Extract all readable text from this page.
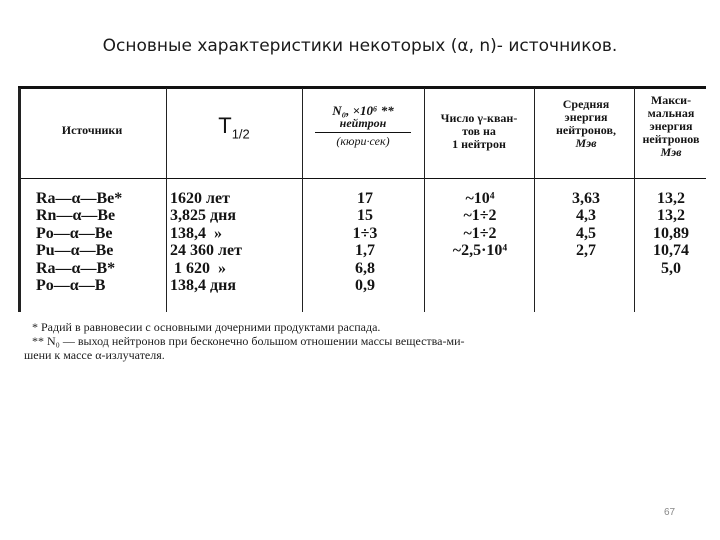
Основные характеристики некоторых (α, n)- источников.
Источники	$T_{1/2}$
N₀, ×10⁶ **
нейтрон
(кюри·сек)
Число γ-кван-
тов на
1 нейтрон
Средняя
энергия
нейтронов,
Мэв
Макси-
мальная
энергия
нейтронов
Мэв
Ra—α—Be*
Rn—α—Be
Po—α—Be
Pu—α—Be
Ra—α—B*
Po—α—B
1620 лет
3,825 дня
138,4  »
24 360 лет
1 620  »
138,4 дня
17
15
1÷3
1,7
6,8
0,9
~10⁴
~1÷2
~1÷2
~2,5·10⁴
3,63
4,3
4,5
2,7
13,2
13,2
10,89
10,74
5,0
* Радий в равновесии с основными дочерними продуктами распада.
** N₀ — выход нейтронов при бесконечно большом отношении массы вещества-ми-
шени к массе α-излучателя.
67
